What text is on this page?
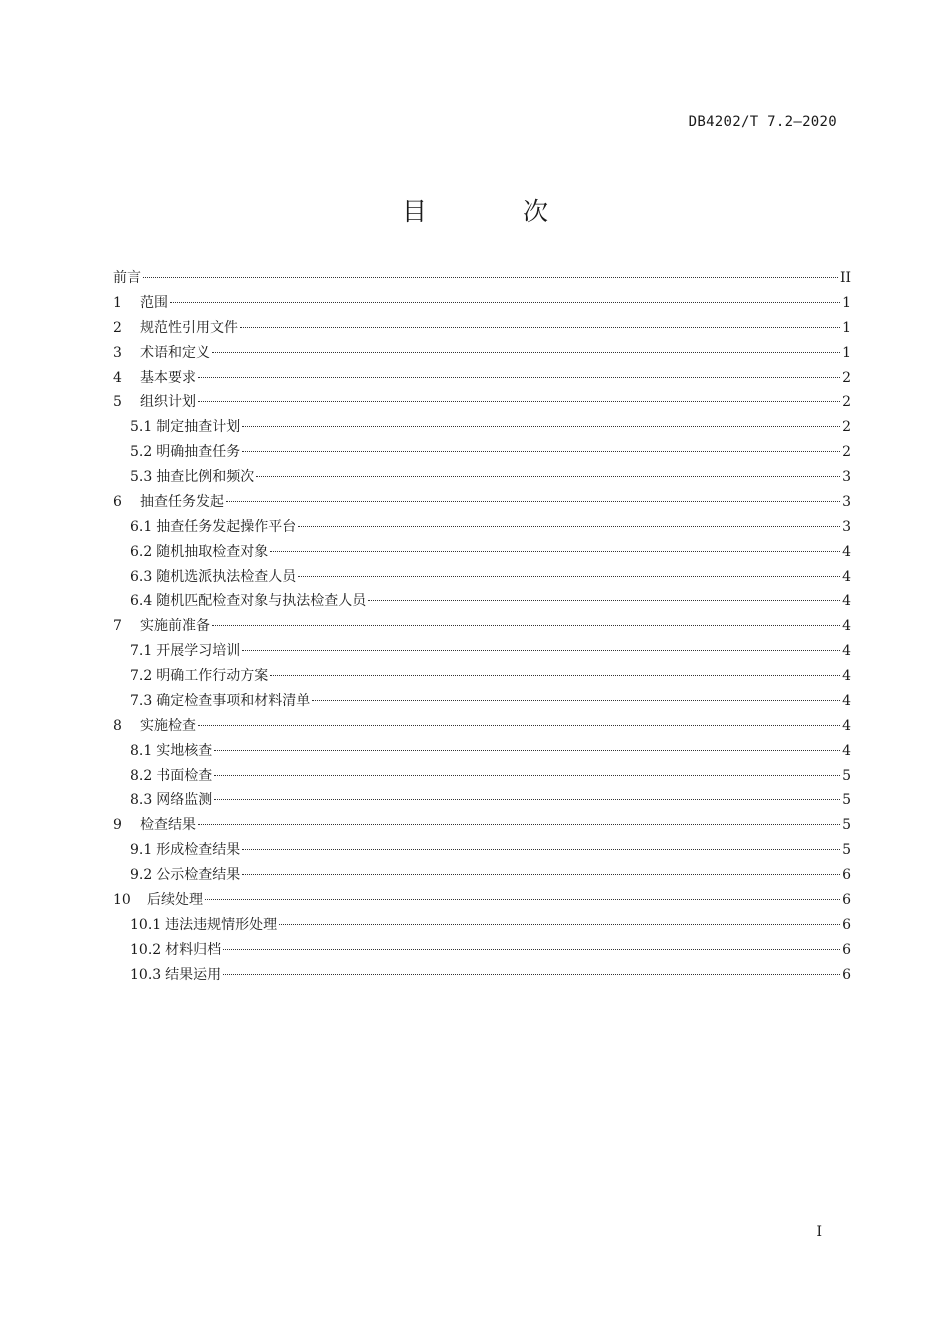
DB4202/T 7.2—2020
目 次
前言	II
1	范围	1
2	规范性引用文件	1
3	术语和定义	1
4	基本要求	2
5	组织计划	2
5.1 制定抽查计划	2
5.2 明确抽查任务	2
5.3 抽查比例和频次	3
6	抽查任务发起	3
6.1 抽查任务发起操作平台	3
6.2 随机抽取检查对象	4
6.3 随机选派执法检查人员	4
6.4 随机匹配检查对象与执法检查人员	4
7	实施前准备	4
7.1 开展学习培训	4
7.2 明确工作行动方案	4
7.3 确定检查事项和材料清单	4
8	实施检查	4
8.1 实地核查	4
8.2 书面检查	5
8.3 网络监测	5
9	检查结果	5
9.1 形成检查结果	5
9.2 公示检查结果	6
10	后续处理	6
10.1 违法违规情形处理	6
10.2 材料归档	6
10.3 结果运用	6
I
